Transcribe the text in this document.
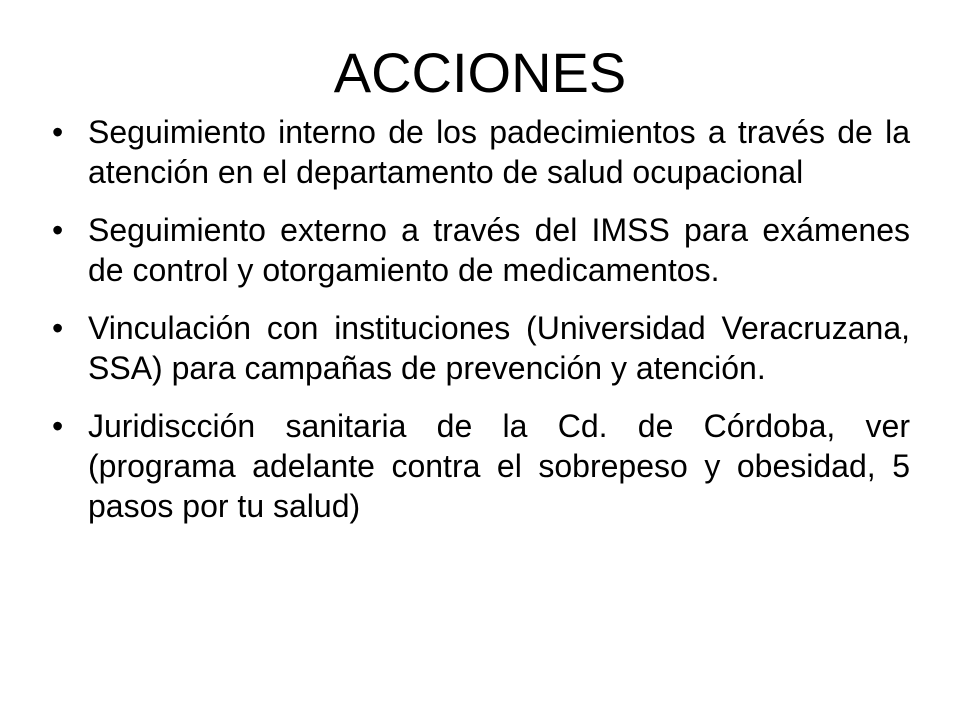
ACCIONES
• Seguimiento interno de los padecimientos a través de la atención en el departamento de salud ocupacional
• Seguimiento externo a través del IMSS para exámenes de control y otorgamiento de medicamentos.
• Vinculación con instituciones (Universidad Veracruzana, SSA) para campañas de prevención y atención.
• Juridiscción sanitaria de la Cd. de Córdoba, ver (programa adelante contra el sobrepeso y obesidad, 5 pasos por tu salud)
